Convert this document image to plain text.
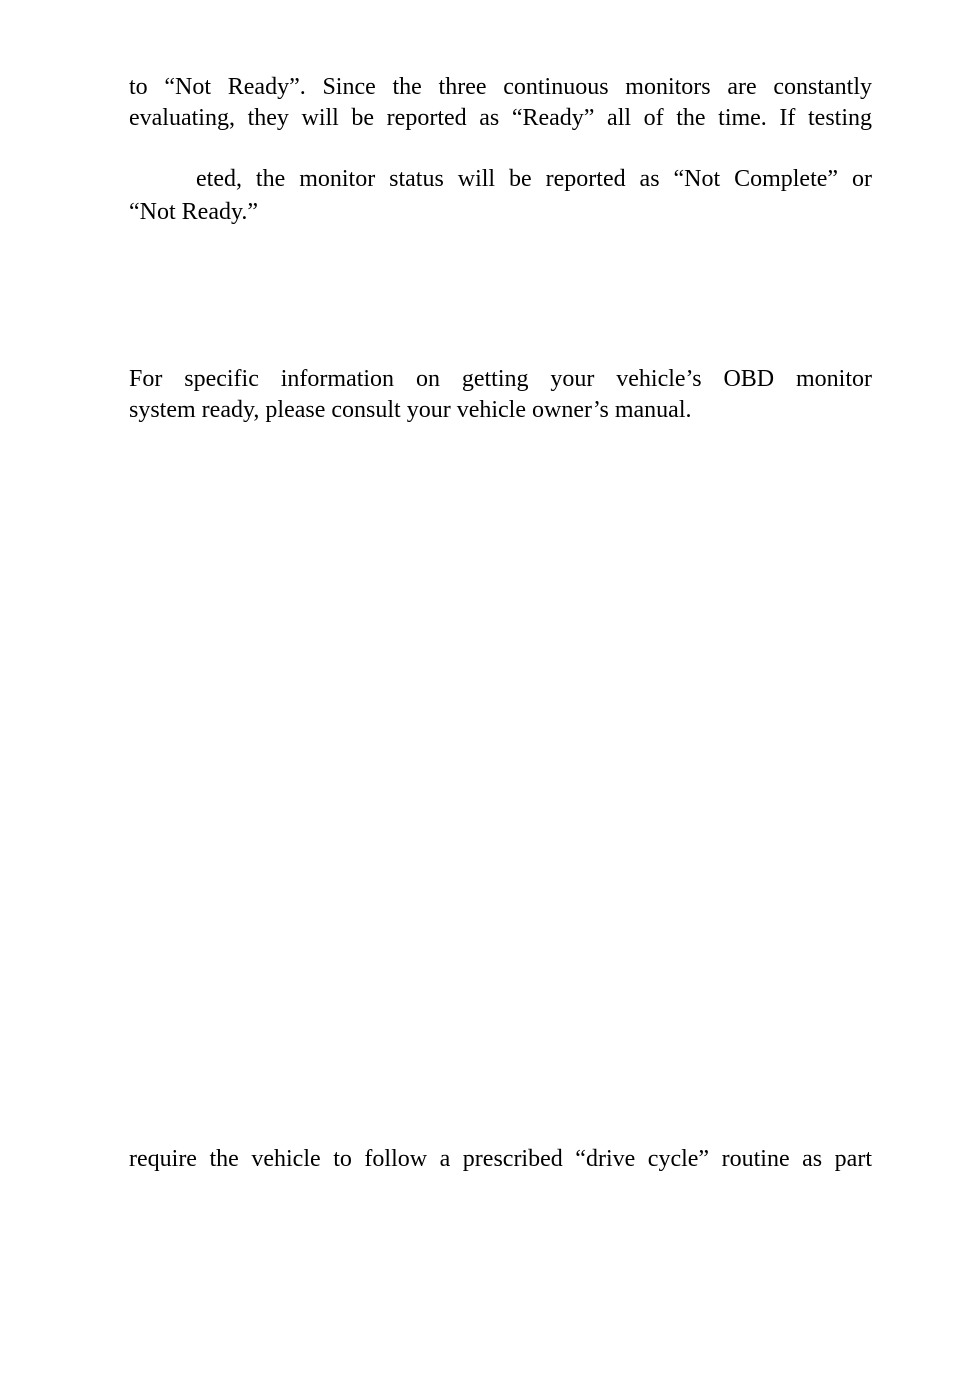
to “Not Ready”. Since the three continuous monitors are constantly
evaluating, they will be reported as “Ready” all of the time. If testing
eted, the monitor status will be reported as “Not Complete” or
“Not Ready.”
For specific information on getting your vehicle’s OBD monitor
system ready, please consult your vehicle owner’s manual.
require the vehicle to follow a prescribed “drive cycle” routine as part
